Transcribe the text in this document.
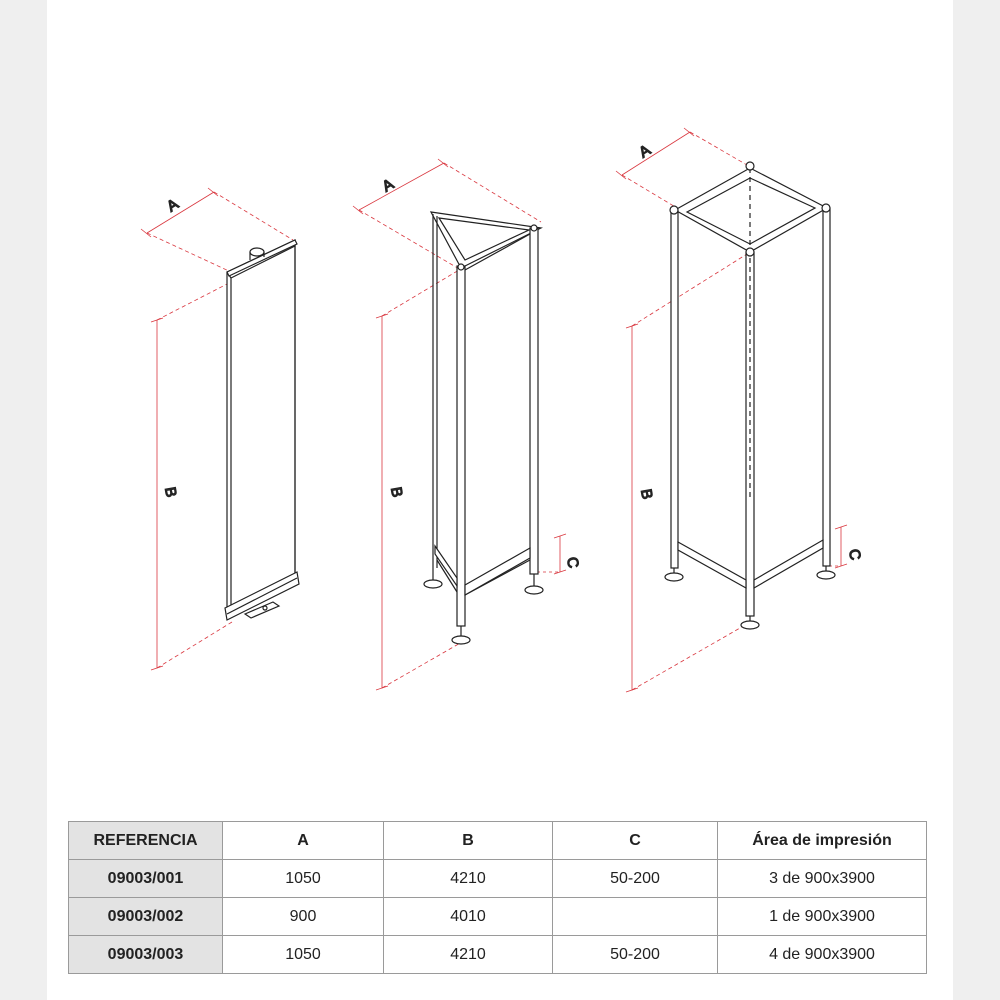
A
B
A
B
C
A
B
C
REFERENCIA	A	B	C	Área de impresión
09003/001	1050	4210	50-200	3 de 900x3900
09003/002	900	4010		1 de 900x3900
09003/003	1050	4210	50-200	4 de 900x3900
